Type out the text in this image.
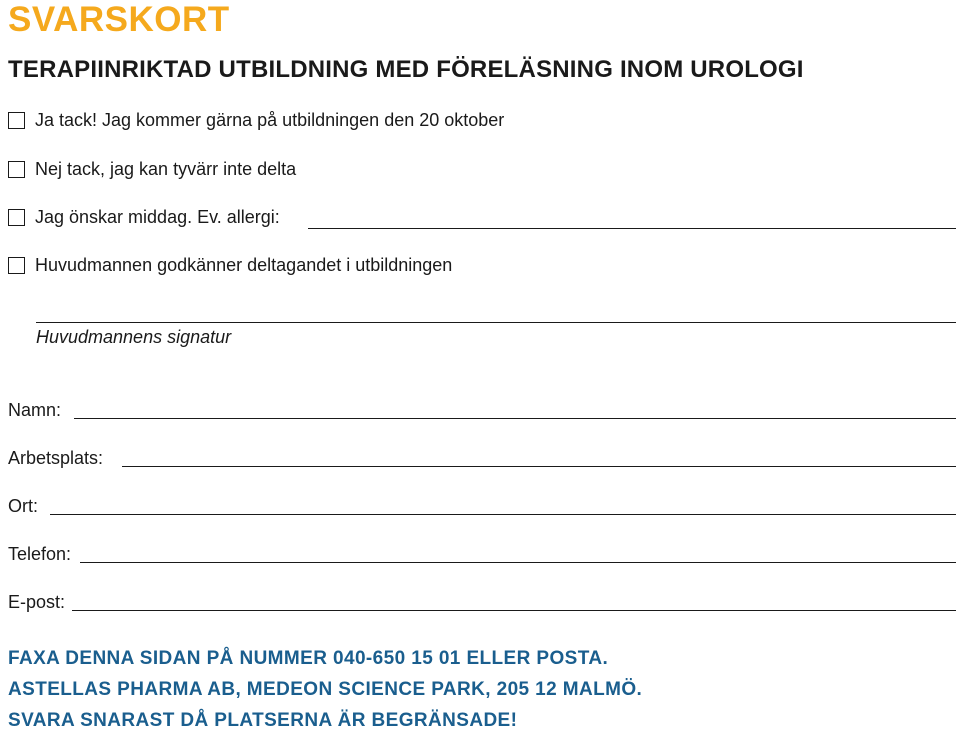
SVARSKORT
TERAPIINRIKTAD UTBILDNING MED FÖRELÄSNING INOM UROLOGI
Ja tack! Jag kommer gärna på utbildningen den 20 oktober
Nej tack, jag kan tyvärr inte delta
Jag önskar middag. Ev. allergi:
Huvudmannen godkänner deltagandet i utbildningen
Huvudmannens signatur
Namn:
Arbetsplats:
Ort:
Telefon:
E-post:
FAXA DENNA SIDAN PÅ NUMMER 040-650 15 01 ELLER POSTA.
ASTELLAS PHARMA AB, MEDEON SCIENCE PARK, 205 12 MALMÖ.
SVARA SNARAST DÅ PLATSERNA ÄR BEGRÄNSADE!
